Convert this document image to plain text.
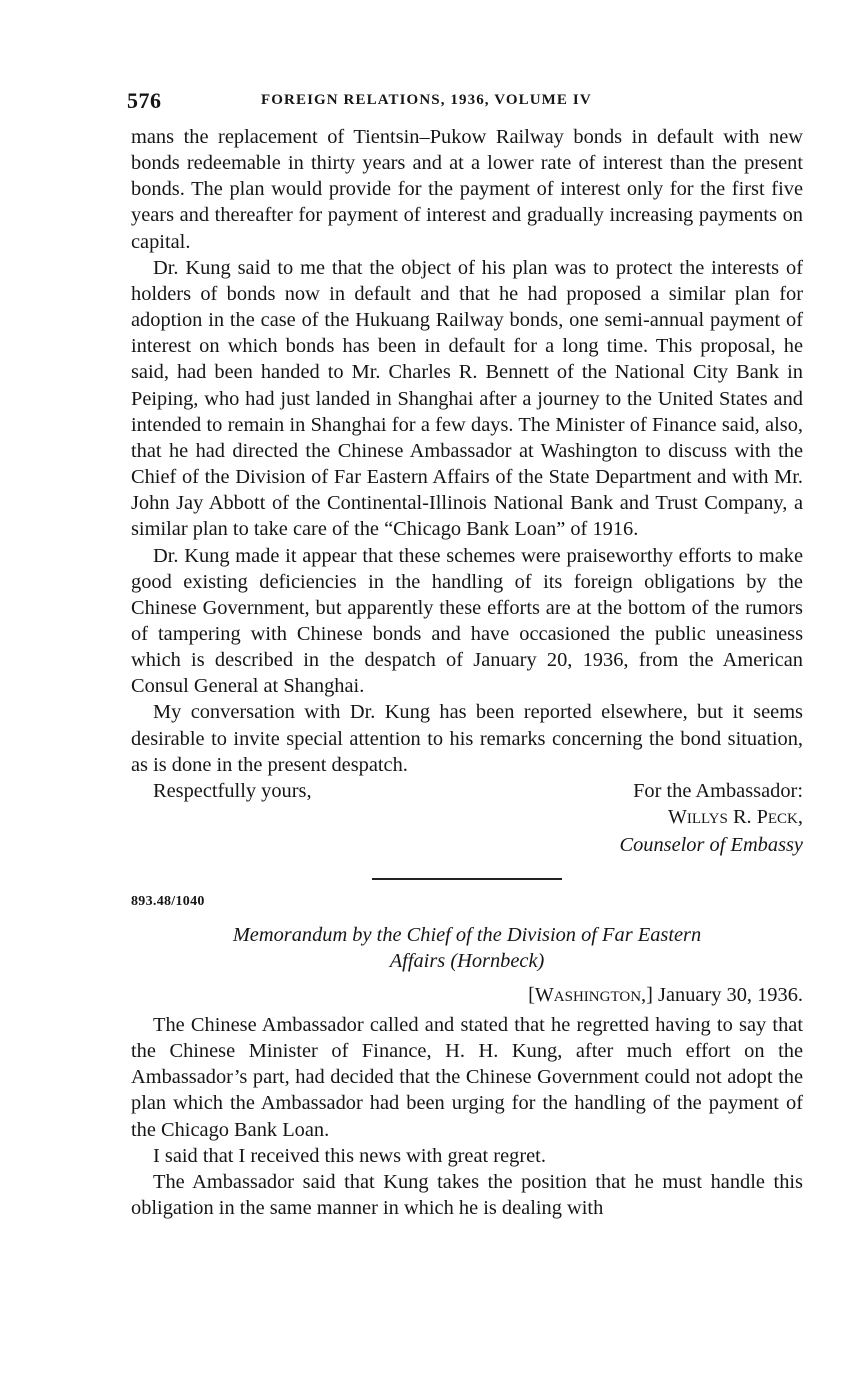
576	FOREIGN RELATIONS, 1936, VOLUME IV

mans the replacement of Tientsin–Pukow Railway bonds in default with new bonds redeemable in thirty years and at a lower rate of interest than the present bonds. The plan would provide for the payment of interest only for the first five years and thereafter for payment of interest and gradually increasing payments on capital.

Dr. Kung said to me that the object of his plan was to protect the interests of holders of bonds now in default and that he had proposed a similar plan for adoption in the case of the Hukuang Railway bonds, one semi-annual payment of interest on which bonds has been in default for a long time. This proposal, he said, had been handed to Mr. Charles R. Bennett of the National City Bank in Peiping, who had just landed in Shanghai after a journey to the United States and intended to remain in Shanghai for a few days. The Minister of Finance said, also, that he had directed the Chinese Ambassador at Washington to discuss with the Chief of the Division of Far Eastern Affairs of the State Department and with Mr. John Jay Abbott of the Continental-Illinois National Bank and Trust Company, a similar plan to take care of the “Chicago Bank Loan” of 1916.

Dr. Kung made it appear that these schemes were praiseworthy efforts to make good existing deficiencies in the handling of its foreign obligations by the Chinese Government, but apparently these efforts are at the bottom of the rumors of tampering with Chinese bonds and have occasioned the public uneasiness which is described in the despatch of January 20, 1936, from the American Consul General at Shanghai.

My conversation with Dr. Kung has been reported elsewhere, but it seems desirable to invite special attention to his remarks concerning the bond situation, as is done in the present despatch.

Respectfully yours,	For the Ambassador:
WILLYS R. PECK,
Counselor of Embassy
893.48/1040
Memorandum by the Chief of the Division of Far Eastern
Affairs (Hornbeck)
[WASHINGTON,] January 30, 1936.

The Chinese Ambassador called and stated that he regretted having to say that the Chinese Minister of Finance, H. H. Kung, after much effort on the Ambassador’s part, had decided that the Chinese Government could not adopt the plan which the Ambassador had been urging for the handling of the payment of the Chicago Bank Loan.

I said that I received this news with great regret.

The Ambassador said that Kung takes the position that he must handle this obligation in the same manner in which he is dealing with
